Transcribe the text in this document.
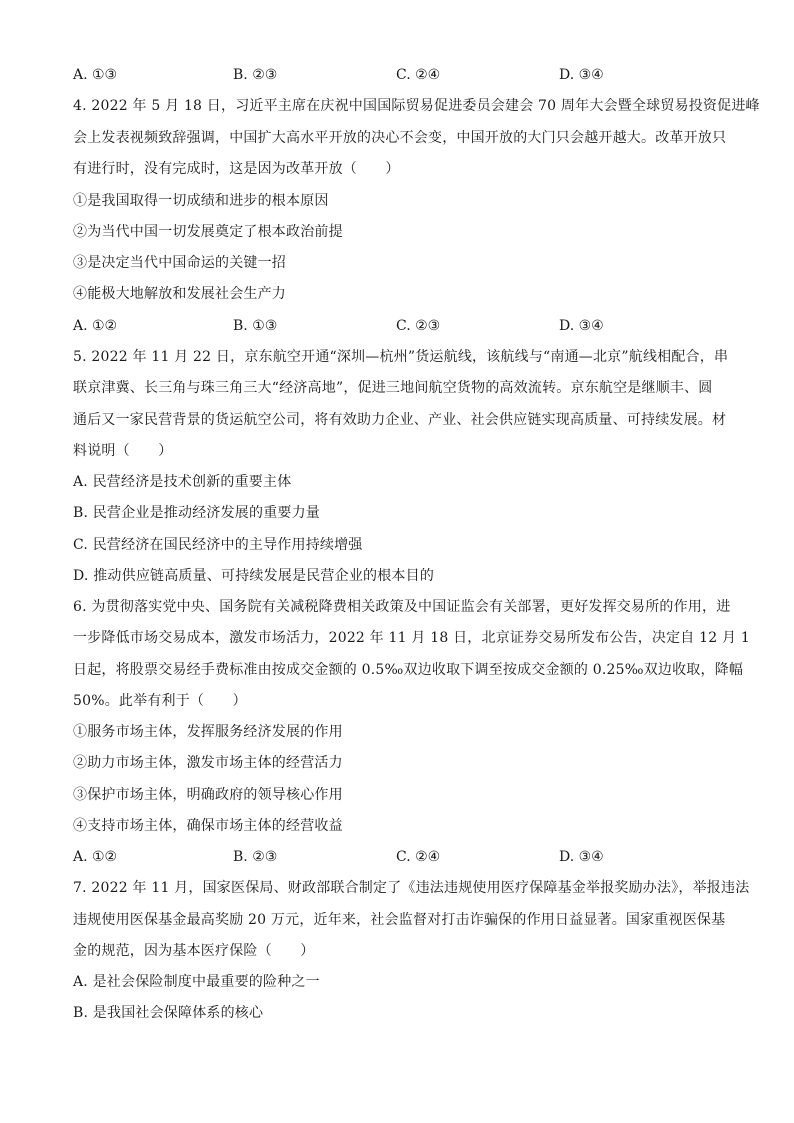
A. ①③	B. ②③	C. ②④	D. ③④
4. 2022 年 5 月 18 日，习近平主席在庆祝中国国际贸易促进委员会建会 70 周年大会暨全球贸易投资促进峰
会上发表视频致辞强调，中国扩大高水平开放的决心不会变，中国开放的大门只会越开越大。改革开放只
有进行时，没有完成时，这是因为改革开放（　　）
①是我国取得一切成绩和进步的根本原因
②为当代中国一切发展奠定了根本政治前提
③是决定当代中国命运的关键一招
④能极大地解放和发展社会生产力
A. ①②	B. ①③	C. ②③	D. ③④
5. 2022 年 11 月 22 日，京东航空开通“深圳—杭州”货运航线，该航线与“南通—北京”航线相配合，串
联京津冀、长三角与珠三角三大“经济高地”，促进三地间航空货物的高效流转。京东航空是继顺丰、圆
通后又一家民营背景的货运航空公司，将有效助力企业、产业、社会供应链实现高质量、可持续发展。材
料说明（　　）
A. 民营经济是技术创新的重要主体
B. 民营企业是推动经济发展的重要力量
C. 民营经济在国民经济中的主导作用持续增强
D. 推动供应链高质量、可持续发展是民营企业的根本目的
6. 为贯彻落实党中央、国务院有关减税降费相关政策及中国证监会有关部署，更好发挥交易所的作用，进
一步降低市场交易成本，激发市场活力，2022 年 11 月 18 日，北京证券交易所发布公告，决定自 12 月 1
日起，将股票交易经手费标准由按成交金额的 0.5‰双边收取下调至按成交金额的 0.25‰双边收取，降幅
50%。此举有利于（　　）
①服务市场主体，发挥服务经济发展的作用
②助力市场主体，激发市场主体的经营活力
③保护市场主体，明确政府的领导核心作用
④支持市场主体，确保市场主体的经营收益
A. ①②	B. ②③	C. ②④	D. ③④
7. 2022 年 11 月，国家医保局、财政部联合制定了《违法违规使用医疗保障基金举报奖励办法》，举报违法
违规使用医保基金最高奖励 20 万元，近年来，社会监督对打击诈骗保的作用日益显著。国家重视医保基
金的规范，因为基本医疗保险（　　）
A. 是社会保险制度中最重要的险种之一
B. 是我国社会保障体系的核心
